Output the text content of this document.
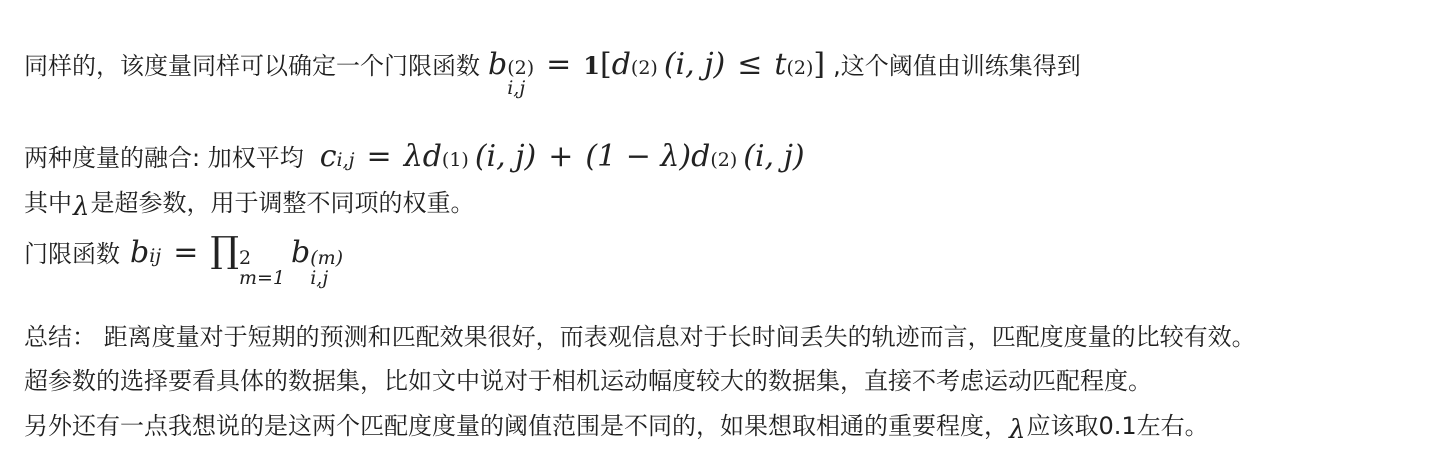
同样的，该度量同样可以确定一个门限函数 b (2)
i,j
= 1 [ d (2) (i, j) ≤ t (2) ] ,这个阈值由训练集得到
两种度量的融合: 加权平均 c i,j = λ d (1) (i, j) + (1 − λ) d (2) (i, j)
其中 λ 是超参数，用于调整不同项的权重。
门限函数 b ij = ∏ 2
m=1
b (m)
i,j
总结： 距离度量对于短期的预测和匹配效果很好，而表观信息对于长时间丢失的轨迹而言，匹配度度量的比较有效。
超参数的选择要看具体的数据集，比如文中说对于相机运动幅度较大的数据集，直接不考虑运动匹配程度。
另外还有一点我想说的是这两个匹配度度量的阈值范围是不同的，如果想取相通的重要程度， λ 应该取0.1左右。
